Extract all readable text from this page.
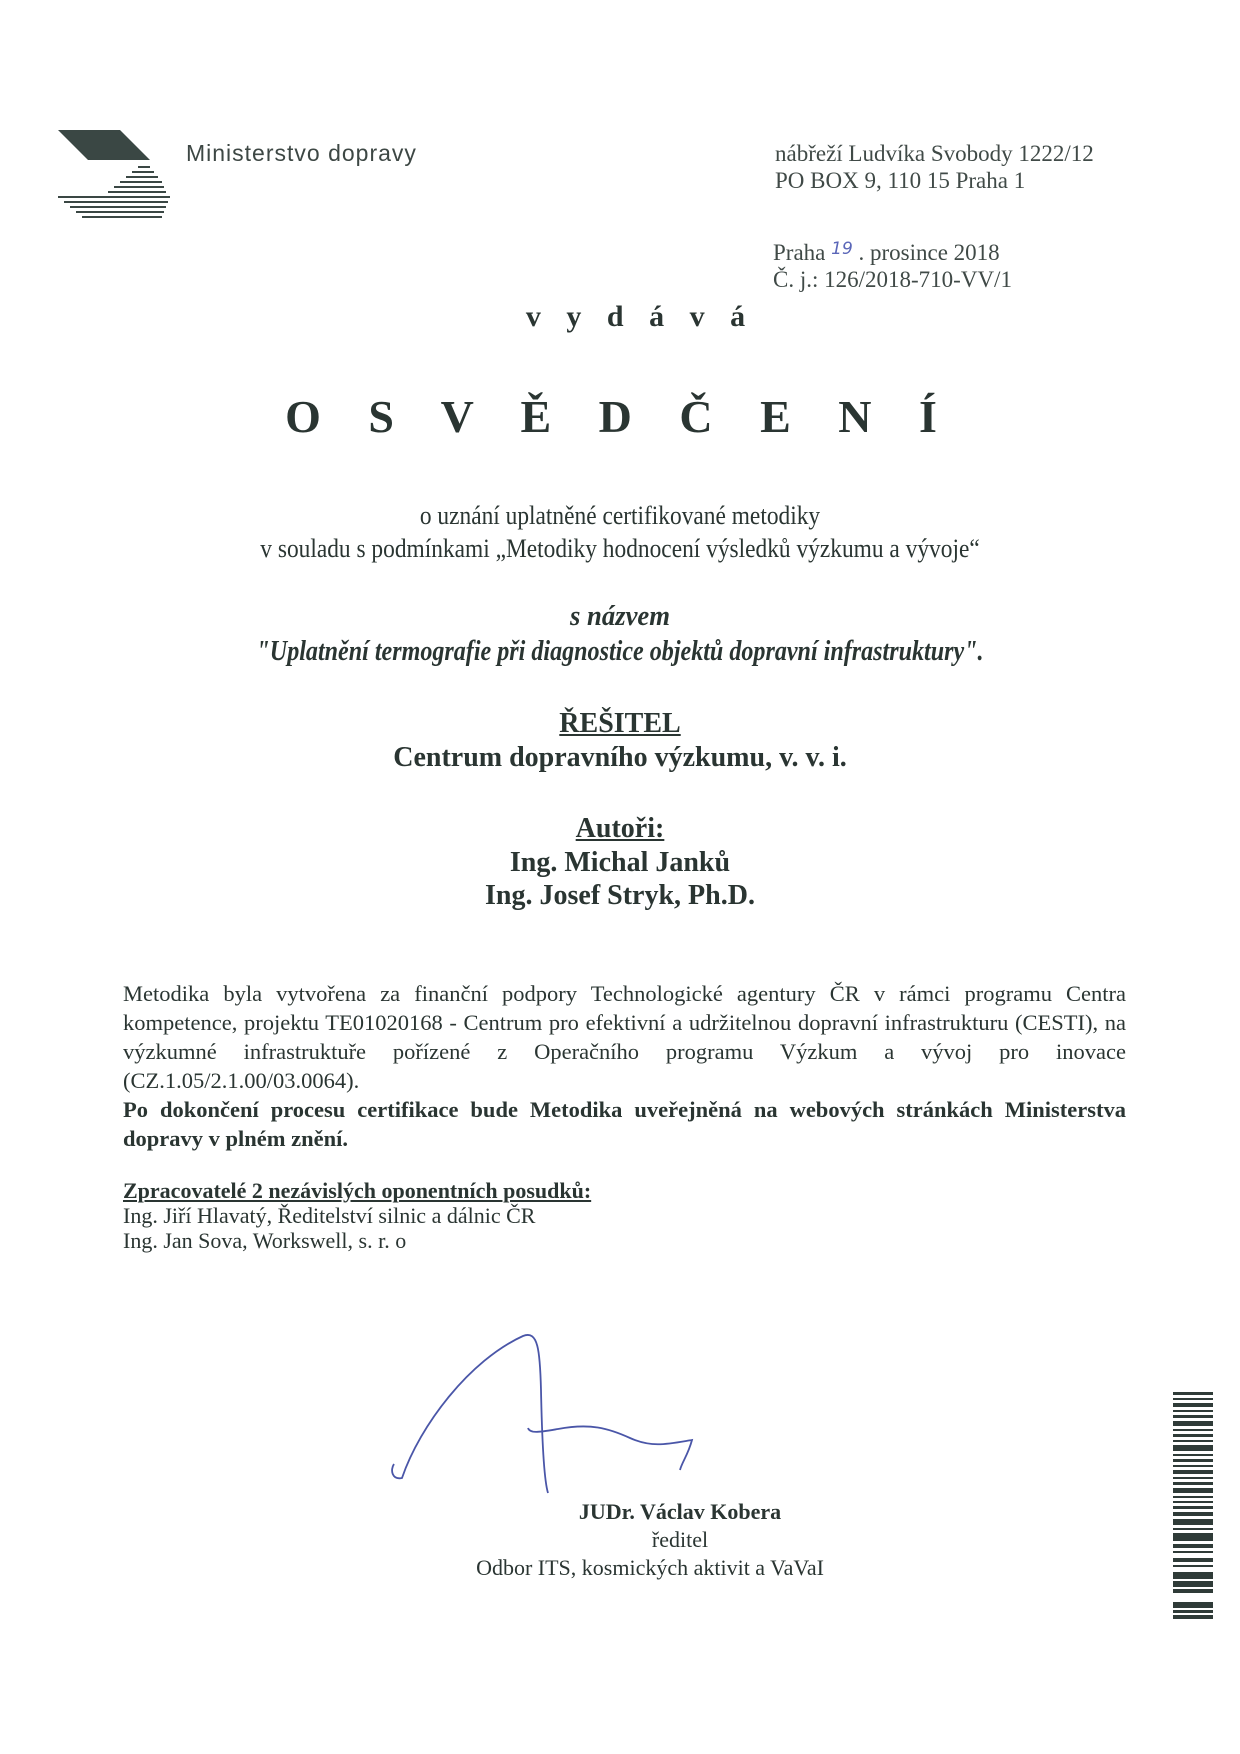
Ministerstvo dopravy	nábřeží Ludvíka Svobody 1222/12
PO BOX 9, 110 15 Praha 1
Praha $^{19}$ . prosince 2018
Č. j.: 126/2018-710-VV/1
v y d á v á
O S V Ě D Č E N Í
o uznání uplatněné certifikované metodiky
v souladu s podmínkami „Metodiky hodnocení výsledků výzkumu a vývoje“
s názvem
"Uplatnění termografie při diagnostice objektů dopravní infrastruktury".
ŘEŠITEL
Centrum dopravního výzkumu, v. v. i.
Autoři:
Ing. Michal Janků
Ing. Josef Stryk, Ph.D.

Metodika byla vytvořena za finanční podpory Technologické agentury ČR v rámci programu Centra kompetence, projektu TE01020168 - Centrum pro efektivní a udržitelnou dopravní infrastrukturu (CESTI), na výzkumné infrastruktuře pořízené z Operačního programu Výzkum a vývoj pro inovace (CZ.1.05/2.1.00/03.0064).

Po dokončení procesu certifikace bude Metodika uveřejněná na webových stránkách Ministerstva dopravy v plném znění.

Zpracovatelé 2 nezávislých oponentních posudků:
Ing. Jiří Hlavatý, Ředitelství silnic a dálnic ČR
Ing. Jan Sova, Workswell, s. r. o
JUDr. Václav Kobera
ředitel
Odbor ITS, kosmických aktivit a VaVaI
